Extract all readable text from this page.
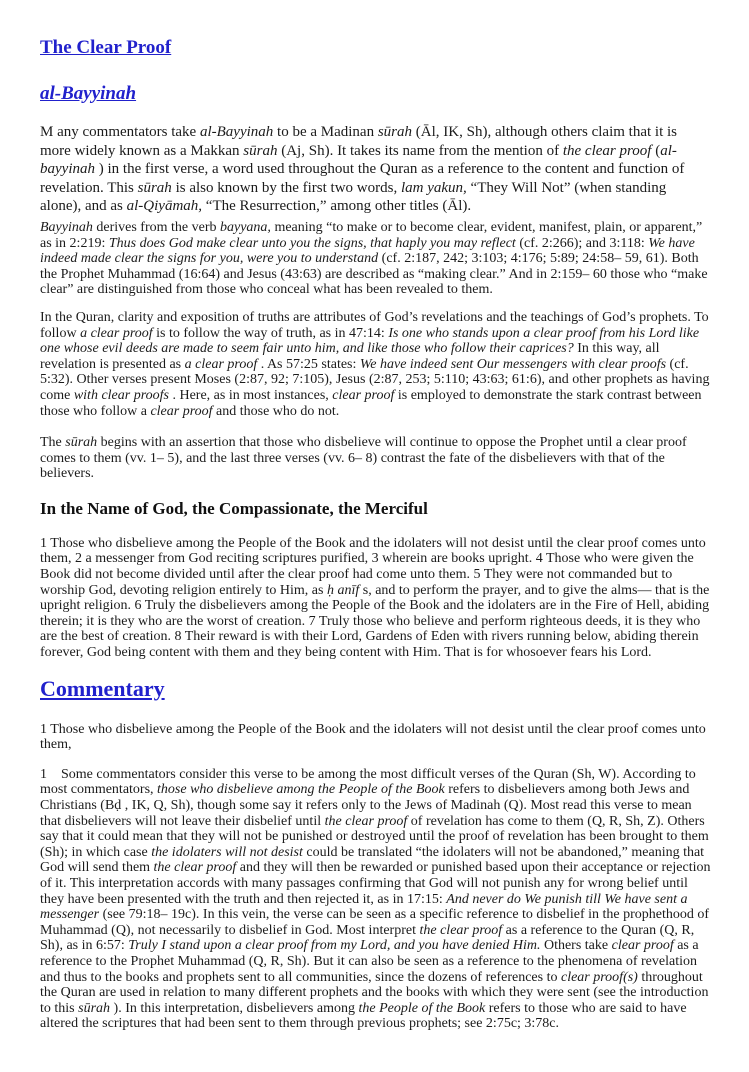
The Clear Proof
al-Bayyinah

M any commentators take al-Bayyinah to be a Madinan sūrah (Āl, IK, Sh), although others claim that it is more widely known as a Makkan sūrah (Aj, Sh). It takes its name from the mention of the clear proof (al-bayyinah ) in the first verse, a word used throughout the Quran as a reference to the content and function of revelation. This sūrah is also known by the first two words, lam yakun, “They Will Not” (when standing alone), and as al-Qiyāmah, “The Resurrection,” among other titles (Āl).

Bayyinah derives from the verb bayyana, meaning “to make or to become clear, evident, manifest, plain, or apparent,” as in 2:219: Thus does God make clear unto you the signs, that haply you may reflect (cf. 2:266); and 3:118: We have indeed made clear the signs for you, were you to understand (cf. 2:187, 242; 3:103; 4:176; 5:89; 24:58– 59, 61). Both the Prophet Muhammad (16:64) and Jesus (43:63) are described as “making clear.” And in 2:159– 60 those who “make clear” are distinguished from those who conceal what has been revealed to them.

In the Quran, clarity and exposition of truths are attributes of God’s revelations and the teachings of God’s prophets. To follow a clear proof is to follow the way of truth, as in 47:14: Is one who stands upon a clear proof from his Lord like one whose evil deeds are made to seem fair unto him, and like those who follow their caprices? In this way, all revelation is presented as a clear proof . As 57:25 states: We have indeed sent Our messengers with clear proofs (cf. 5:32). Other verses present Moses (2:87, 92; 7:105), Jesus (2:87, 253; 5:110; 43:63; 61:6), and other prophets as having come with clear proofs . Here, as in most instances, clear proof is employed to demonstrate the stark contrast between those who follow a clear proof and those who do not.

The sūrah begins with an assertion that those who disbelieve will continue to oppose the Prophet until a clear proof comes to them (vv. 1– 5), and the last three verses (vv. 6– 8) contrast the fate of the disbelievers with that of the believers.

In the Name of God, the Compassionate, the Merciful

1 Those who disbelieve among the People of the Book and the idolaters will not desist until the clear proof comes unto them, 2 a messenger from God reciting scriptures purified, 3 wherein are books upright. 4 Those who were given the Book did not become divided until after the clear proof had come unto them. 5 They were not commanded but to worship God, devoting religion entirely to Him, as ḥ anīf s, and to perform the prayer, and to give the alms— that is the upright religion. 6 Truly the disbelievers among the People of the Book and the idolaters are in the Fire of Hell, abiding therein; it is they who are the worst of creation. 7 Truly those who believe and perform righteous deeds, it is they who are the best of creation. 8 Their reward is with their Lord, Gardens of Eden with rivers running below, abiding therein forever, God being content with them and they being content with Him. That is for whosoever fears his Lord.

Commentary

1 Those who disbelieve among the People of the Book and the idolaters will not desist until the clear proof comes unto them,

1    Some commentators consider this verse to be among the most difficult verses of the Quran (Sh, W). According to most commentators, those who disbelieve among the People of the Book refers to disbelievers among both Jews and Christians (Bḍ , IK, Q, Sh), though some say it refers only to the Jews of Madinah (Q). Most read this verse to mean that disbelievers will not leave their disbelief until the clear proof of revelation has come to them (Q, R, Sh, Z). Others say that it could mean that they will not be punished or destroyed until the proof of revelation has been brought to them (Sh); in which case the idolaters will not desist could be translated “the idolaters will not be abandoned,” meaning that God will send them the clear proof and they will then be rewarded or punished based upon their acceptance or rejection of it. This interpretation accords with many passages confirming that God will not punish any for wrong belief until they have been presented with the truth and then rejected it, as in 17:15: And never do We punish till We have sent a messenger (see 79:18– 19c). In this vein, the verse can be seen as a specific reference to disbelief in the prophethood of Muhammad (Q), not necessarily to disbelief in God. Most interpret the clear proof as a reference to the Quran (Q, R, Sh), as in 6:57: Truly I stand upon a clear proof from my Lord, and you have denied Him. Others take clear proof as a reference to the Prophet Muhammad (Q, R, Sh). But it can also be seen as a reference to the phenomena of revelation and thus to the books and prophets sent to all communities, since the dozens of references to clear proof(s) throughout the Quran are used in relation to many different prophets and the books with which they were sent (see the introduction to this sūrah ). In this interpretation, disbelievers among the People of the Book refers to those who are said to have altered the scriptures that had been sent to them through previous prophets; see 2:75c; 3:78c.
